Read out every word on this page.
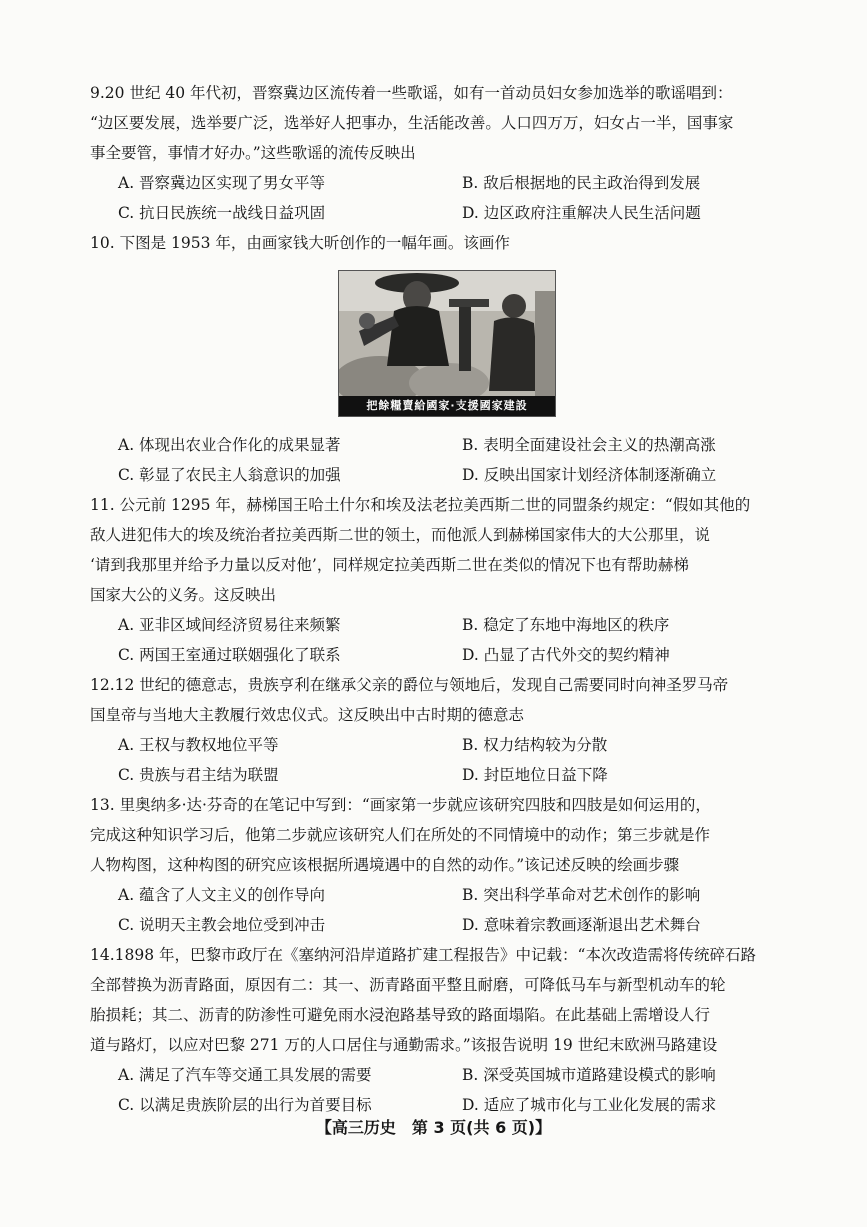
9.20 世纪 40 年代初，晋察冀边区流传着一些歌谣，如有一首动员妇女参加选举的歌谣唱到：
“边区要发展，选举要广泛，选举好人把事办，生活能改善。人口四万万，妇女占一半，国事家
事全要管，事情才好办。”这些歌谣的流传反映出
A. 晋察冀边区实现了男女平等	B. 敌后根据地的民主政治得到发展
C. 抗日民族统一战线日益巩固	D. 边区政府注重解决人民生活问题
10. 下图是 1953 年，由画家钱大昕创作的一幅年画。该画作
把餘糧賣給國家·支援國家建設
A. 体现出农业合作化的成果显著	B. 表明全面建设社会主义的热潮高涨
C. 彰显了农民主人翁意识的加强	D. 反映出国家计划经济体制逐渐确立
11. 公元前 1295 年，赫梯国王哈土什尔和埃及法老拉美西斯二世的同盟条约规定：“假如其他的
敌人进犯伟大的埃及统治者拉美西斯二世的领土，而他派人到赫梯国家伟大的大公那里，说
‘请到我那里并给予力量以反对他’，同样规定拉美西斯二世在类似的情况下也有帮助赫梯
国家大公的义务。这反映出
A. 亚非区域间经济贸易往来频繁	B. 稳定了东地中海地区的秩序
C. 两国王室通过联姻强化了联系	D. 凸显了古代外交的契约精神
12.12 世纪的德意志，贵族亨利在继承父亲的爵位与领地后，发现自己需要同时向神圣罗马帝
国皇帝与当地大主教履行效忠仪式。这反映出中古时期的德意志
A. 王权与教权地位平等	B. 权力结构较为分散
C. 贵族与君主结为联盟	D. 封臣地位日益下降
13. 里奥纳多·达·芬奇的在笔记中写到：“画家第一步就应该研究四肢和四肢是如何运用的，
完成这种知识学习后，他第二步就应该研究人们在所处的不同情境中的动作；第三步就是作
人物构图，这种构图的研究应该根据所遇境遇中的自然的动作。”该记述反映的绘画步骤
A. 蕴含了人文主义的创作导向	B. 突出科学革命对艺术创作的影响
C. 说明天主教会地位受到冲击	D. 意味着宗教画逐渐退出艺术舞台
14.1898 年，巴黎市政厅在《塞纳河沿岸道路扩建工程报告》中记载：“本次改造需将传统碎石路
全部替换为沥青路面，原因有二：其一、沥青路面平整且耐磨，可降低马车与新型机动车的轮
胎损耗；其二、沥青的防渗性可避免雨水浸泡路基导致的路面塌陷。在此基础上需增设人行
道与路灯，以应对巴黎 271 万的人口居住与通勤需求。”该报告说明 19 世纪末欧洲马路建设
A. 满足了汽车等交通工具发展的需要	B. 深受英国城市道路建设模式的影响
C. 以满足贵族阶层的出行为首要目标	D. 适应了城市化与工业化发展的需求
【高三历史　第 3 页(共 6 页)】
